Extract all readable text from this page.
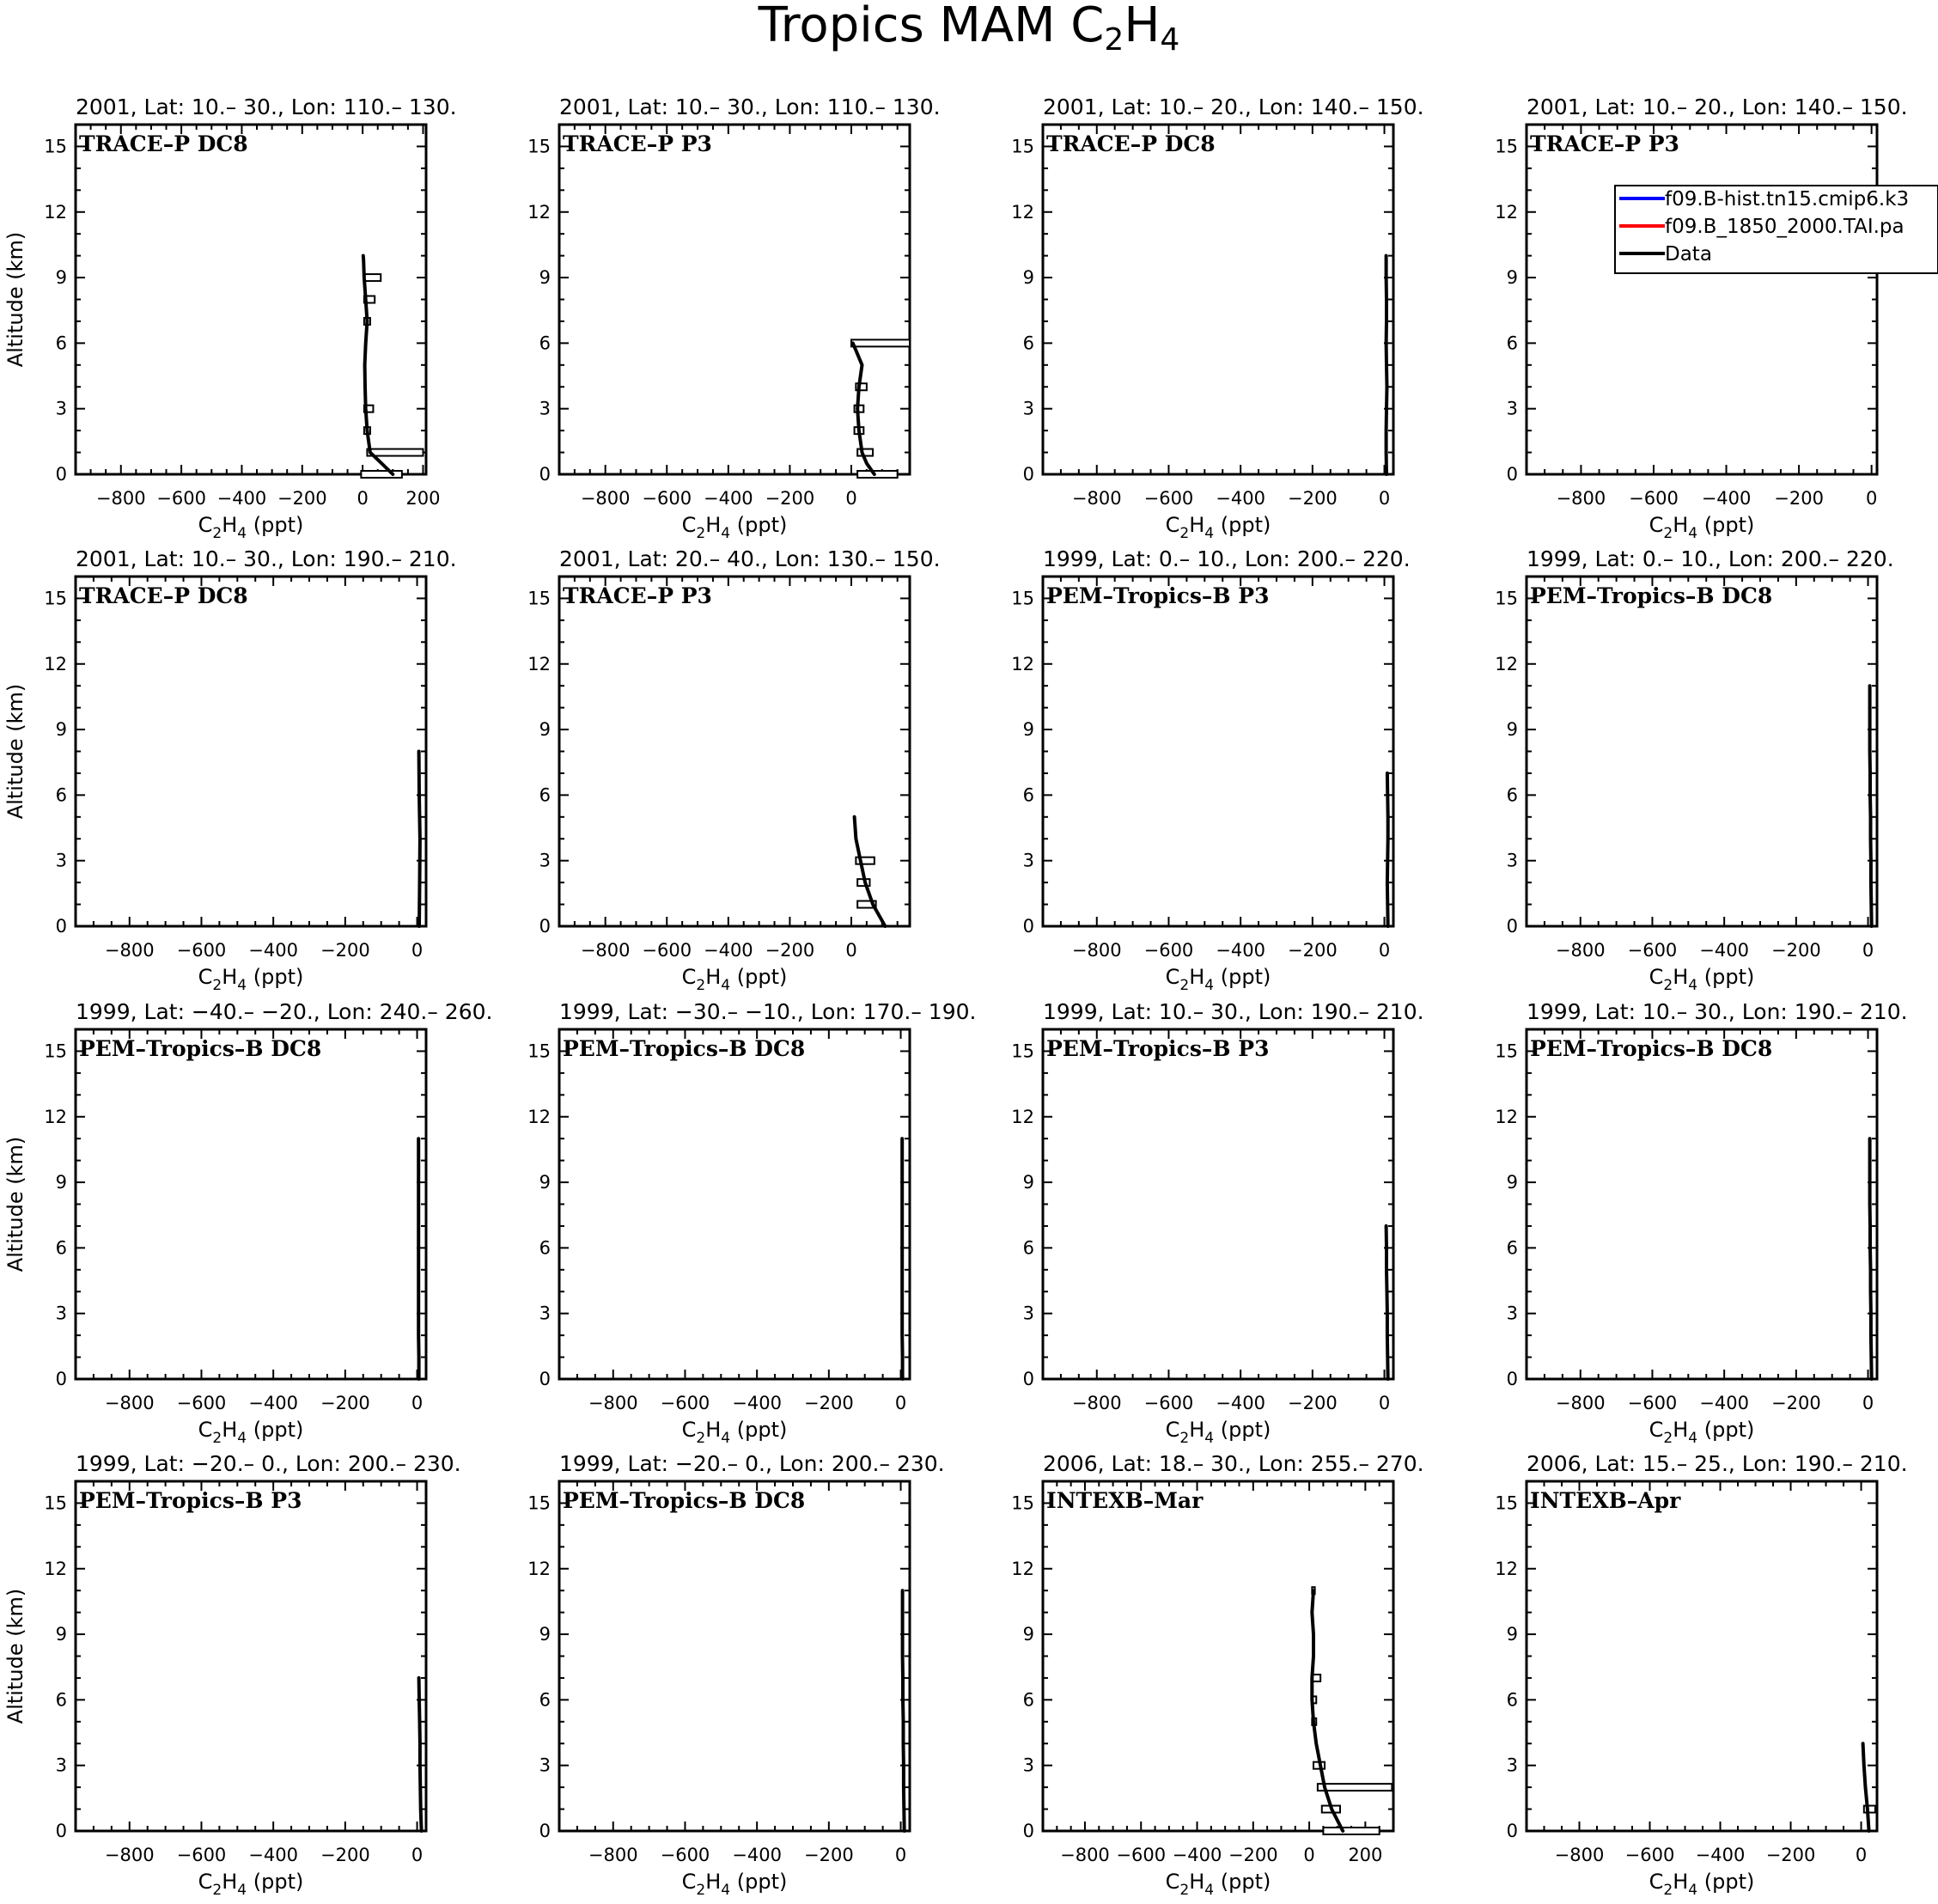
Tropics MAM C2H4
2001, Lat: 10.– 30., Lon: 110.– 130.
TRACE–P DC8
0
3
6
9
12
15
−800 −600 −400 −200 0 200
$C_2H_4$ (ppt)
Altitude (km)
2001, Lat: 10.– 30., Lon: 110.– 130.
TRACE–P P3
0
3
6
9
12
15
−800 −600 −400 −200 0
$C_2H_4$ (ppt)
2001, Lat: 10.– 20., Lon: 140.– 150.
TRACE–P DC8
0
3
6
9
12
15
−800 −600 −400 −200 0
$C_2H_4$ (ppt)
2001, Lat: 10.– 20., Lon: 140.– 150.
TRACE–P P3
0
3
6
9
12
15
−800 −600 −400 −200 0
$C_2H_4$ (ppt)
f09.B-hist.tn15.cmip6.k3
f09.B_1850_2000.TAI.pa
Data
2001, Lat: 10.– 30., Lon: 190.– 210.
TRACE–P DC8
0
3
6
9
12
15
−800 −600 −400 −200 0
$C_2H_4$ (ppt)
Altitude (km)
2001, Lat: 20.– 40., Lon: 130.– 150.
TRACE–P P3
0
3
6
9
12
15
−800 −600 −400 −200 0
$C_2H_4$ (ppt)
1999, Lat: 0.– 10., Lon: 200.– 220.
PEM–Tropics–B P3
0
3
6
9
12
15
−800 −600 −400 −200 0
$C_2H_4$ (ppt)
1999, Lat: 0.– 10., Lon: 200.– 220.
PEM–Tropics–B DC8
0
3
6
9
12
15
−800 −600 −400 −200 0
$C_2H_4$ (ppt)
1999, Lat: −40.– −20., Lon: 240.– 260.
PEM–Tropics–B DC8
0
3
6
9
12
15
−800 −600 −400 −200 0
$C_2H_4$ (ppt)
Altitude (km)
1999, Lat: −30.– −10., Lon: 170.– 190.
PEM–Tropics–B DC8
0
3
6
9
12
15
−800 −600 −400 −200 0
$C_2H_4$ (ppt)
1999, Lat: 10.– 30., Lon: 190.– 210.
PEM–Tropics–B P3
0
3
6
9
12
15
−800 −600 −400 −200 0
$C_2H_4$ (ppt)
1999, Lat: 10.– 30., Lon: 190.– 210.
PEM–Tropics–B DC8
0
3
6
9
12
15
−800 −600 −400 −200 0
$C_2H_4$ (ppt)
1999, Lat: −20.– 0., Lon: 200.– 230.
PEM–Tropics–B P3
0
3
6
9
12
15
−800 −600 −400 −200 0
$C_2H_4$ (ppt)
Altitude (km)
1999, Lat: −20.– 0., Lon: 200.– 230.
PEM–Tropics–B DC8
0
3
6
9
12
15
−800 −600 −400 −200 0
$C_2H_4$ (ppt)
2006, Lat: 18.– 30., Lon: 255.– 270.
INTEXB–Mar
0
3
6
9
12
15
−800 −600 −400 −200 0 200
$C_2H_4$ (ppt)
2006, Lat: 15.– 25., Lon: 190.– 210.
INTEXB–Apr
0
3
6
9
12
15
−800 −600 −400 −200 0
$C_2H_4$ (ppt)
